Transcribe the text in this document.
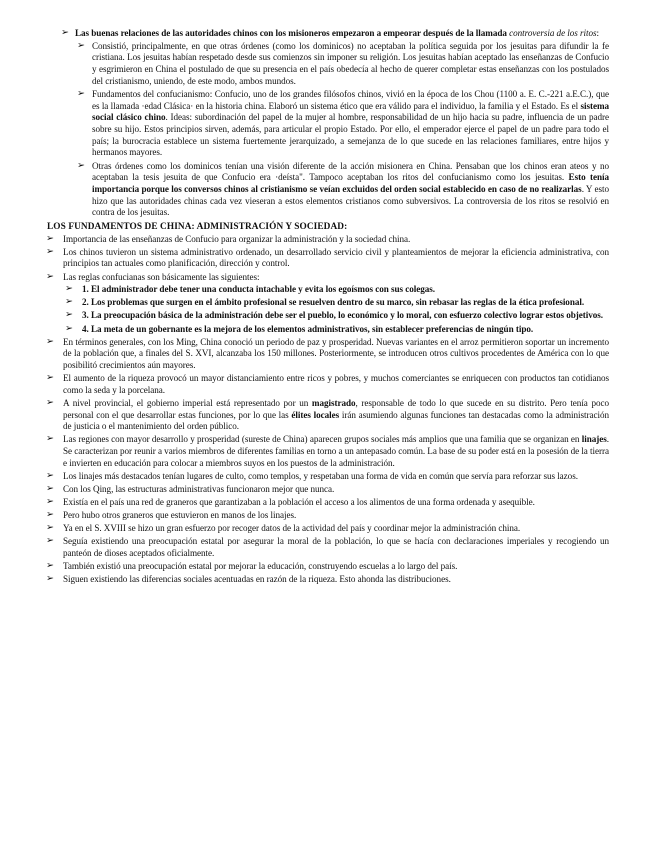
➢ Las buenas relaciones de las autoridades chinos con los misioneros empezaron a empeorar después de la llamada controversia de los ritos:
➢ Consistió, principalmente, en que otras órdenes (como los dominicos) no aceptaban la política seguida por los jesuitas para difundir la fe cristiana. Los jesuitas habían respetado desde sus comienzos sin imponer su religión. Los jesuitas habían aceptado las enseñanzas de Confucio y esgrimieron en China el postulado de que su presencia en el país obedecía al hecho de querer completar estas enseñanzas con los postulados del cristianismo, uniendo, de este modo, ambos mundos.
➢ Fundamentos del confucianismo: Confucio, uno de los grandes filósofos chinos, vivió en la época de los Chou (1100 a. E. C.-221 a.E.C.), que es la llamada ·edad Clásica· en la historia china. Elaboró un sistema ético que era válido para el individuo, la familia y el Estado. Es el sistema social clásico chino. Ideas: subordinación del papel de la mujer al hombre, responsabilidad de un hijo hacia su padre, influencia de un padre sobre su hijo. Estos principios sirven, además, para articular el propio Estado. Por ello, el emperador ejerce el papel de un padre para todo el país; la burocracia establece un sistema fuertemente jerarquizado, a semejanza de lo que sucede en las relaciones familiares, entre hijos y hermanos mayores.
➢ Otras órdenes como los dominicos tenían una visión diferente de la acción misionera en China. Pensaban que los chinos eran ateos y no aceptaban la tesis jesuita de que Confucio era ·deísta". Tampoco aceptaban los ritos del confucianismo como los jesuitas. Esto tenía importancia porque los conversos chinos al cristianismo se veían excluidos del orden social establecido en caso de no realizarlas. Y esto hizo que las autoridades chinas cada vez vieseran a estos elementos cristianos como subversivos. La controversia de los ritos se resolvió en contra de los jesuitas.
LOS FUNDAMENTOS DE CHINA: ADMINISTRACIÓN Y SOCIEDAD:
➢ Importancia de las enseñanzas de Confucio para organizar la administración y la sociedad china.
➢ Los chinos tuvieron un sistema administrativo ordenado, un desarrollado servicio civil y planteamientos de mejorar la eficiencia administrativa, con principios tan actuales como planificación, dirección y control.
➢ Las reglas confucianas son básicamente las siguientes:
➢ 1. El administrador debe tener una conducta intachable y evita los egoísmos con sus colegas.
➢ 2. Los problemas que surgen en el ámbito profesional se resuelven dentro de su marco, sin rebasar las reglas de la ética profesional.
➢ 3. La preocupación básica de la administración debe ser el pueblo, lo económico y lo moral, con esfuerzo colectivo lograr estos objetivos.
➢ 4. La meta de un gobernante es la mejora de los elementos administrativos, sin establecer preferencias de ningún tipo.
➢ En términos generales, con los Ming, China conoció un periodo de paz y prosperidad. Nuevas variantes en el arroz permitieron soportar un incremento de la población que, a finales del S. XVI, alcanzaba los 150 millones. Posteriormente, se introducen otros cultivos procedentes de América con lo que posibilitó crecimientos aún mayores.
➢ El aumento de la riqueza provocó un mayor distanciamiento entre ricos y pobres, y muchos comerciantes se enriquecen con productos tan cotidianos como la seda y la porcelana.
➢ A nivel provincial, el gobierno imperial está representado por un magistrado, responsable de todo lo que sucede en su distrito. Pero tenía poco personal con el que desarrollar estas funciones, por lo que las élites locales irán asumiendo algunas funciones tan destacadas como la administración de justicia o el mantenimiento del orden público.
➢ Las regiones con mayor desarrollo y prosperidad (sureste de China) aparecen grupos sociales más amplios que una familia que se organizan en linajes. Se caracterizan por reunir a varios miembros de diferentes familias en torno a un antepasado común. La base de su poder está en la posesión de la tierra e invierten en educación para colocar a miembros suyos en los puestos de la administración.
➢ Los linajes más destacados tenían lugares de culto, como templos, y respetaban una forma de vida en común que servía para reforzar sus lazos.
➢ Con los Qing, las estructuras administrativas funcionaron mejor que nunca.
➢ Existía en el país una red de graneros que garantizaban a la población el acceso a los alimentos de una forma ordenada y asequible.
➢ Pero hubo otros graneros que estuvieron en manos de los linajes.
➢ Ya en el S. XVIII se hizo un gran esfuerzo por recoger datos de la actividad del país y coordinar mejor la administración china.
➢ Seguía existiendo una preocupación estatal por asegurar la moral de la población, lo que se hacía con declaraciones imperiales y recogiendo un panteón de dioses aceptados oficialmente.
➢ También existió una preocupación estatal por mejorar la educación, construyendo escuelas a lo largo del país.
➢ Siguen existiendo las diferencias sociales acentuadas en razón de la riqueza. Esto ahonda las distribuciones.
